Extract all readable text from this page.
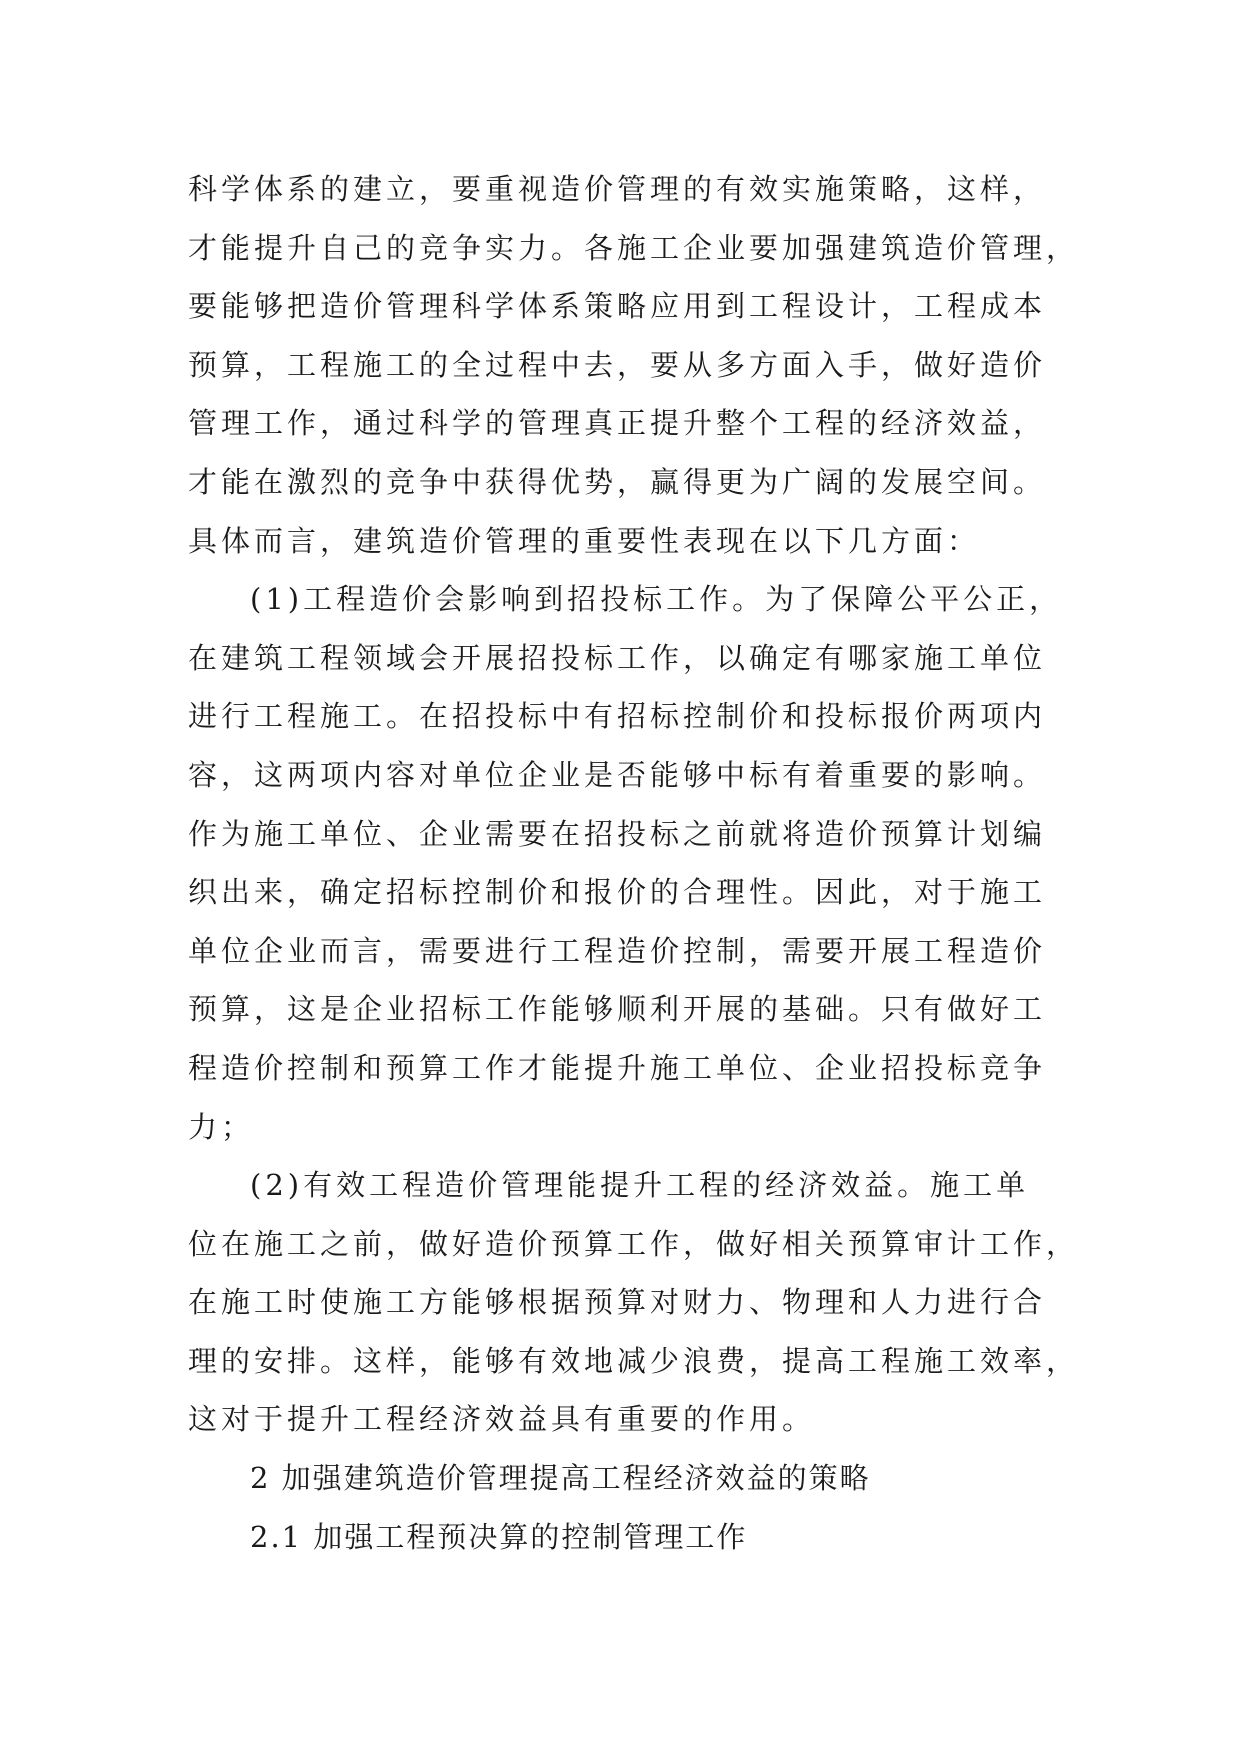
科学体系的建立，要重视造价管理的有效实施策略，这样，
才能提升自己的竞争实力。各施工企业要加强建筑造价管理，
要能够把造价管理科学体系策略应用到工程设计，工程成本
预算，工程施工的全过程中去，要从多方面入手，做好造价
管理工作，通过科学的管理真正提升整个工程的经济效益，
才能在激烈的竞争中获得优势，赢得更为广阔的发展空间。
具体而言，建筑造价管理的重要性表现在以下几方面：
(1)工程造价会影响到招投标工作。为了保障公平公正，
在建筑工程领域会开展招投标工作，以确定有哪家施工单位
进行工程施工。在招投标中有招标控制价和投标报价两项内
容，这两项内容对单位企业是否能够中标有着重要的影响。
作为施工单位、企业需要在招投标之前就将造价预算计划编
织出来，确定招标控制价和报价的合理性。因此，对于施工
单位企业而言，需要进行工程造价控制，需要开展工程造价
预算，这是企业招标工作能够顺利开展的基础。只有做好工
程造价控制和预算工作才能提升施工单位、企业招投标竞争
力；
(2)有效工程造价管理能提升工程的经济效益。施工单
位在施工之前，做好造价预算工作，做好相关预算审计工作，
在施工时使施工方能够根据预算对财力、物理和人力进行合
理的安排。这样，能够有效地减少浪费，提高工程施工效率，
这对于提升工程经济效益具有重要的作用。
2 加强建筑造价管理提高工程经济效益的策略
2.1 加强工程预决算的控制管理工作
